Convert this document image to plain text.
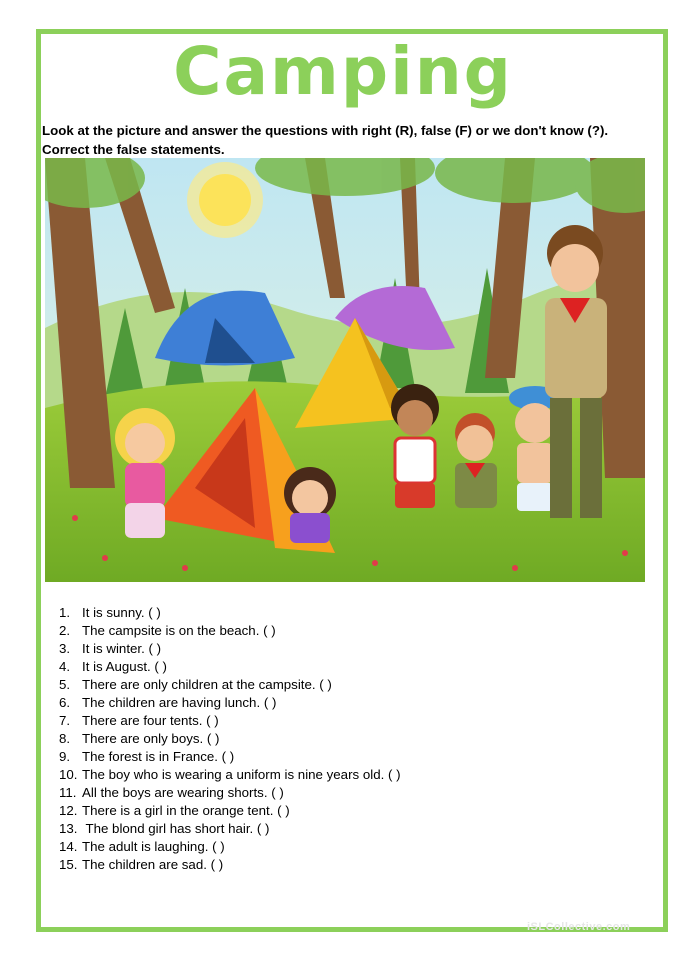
Camping
Look at the picture and answer the questions with right (R), false (F) or we don't know (?).
Correct the false statements.
1. It is sunny. ( )
2. The campsite is on the beach. ( )
3. It is winter. ( )
4. It is August. ( )
5. There are only children at the campsite. ( )
6. The children are having lunch. ( )
7. There are four tents. ( )
8. There are only boys. ( )
9. The forest is in France. ( )
10. The boy who is wearing a uniform is nine years old. ( )
11. All the boys are wearing shorts. ( )
12. There is a girl in the orange tent. ( )
13. The blond girl has short hair. ( )
14. The adult is laughing. ( )
15. The children are sad. ( )
iSLCollective.com
